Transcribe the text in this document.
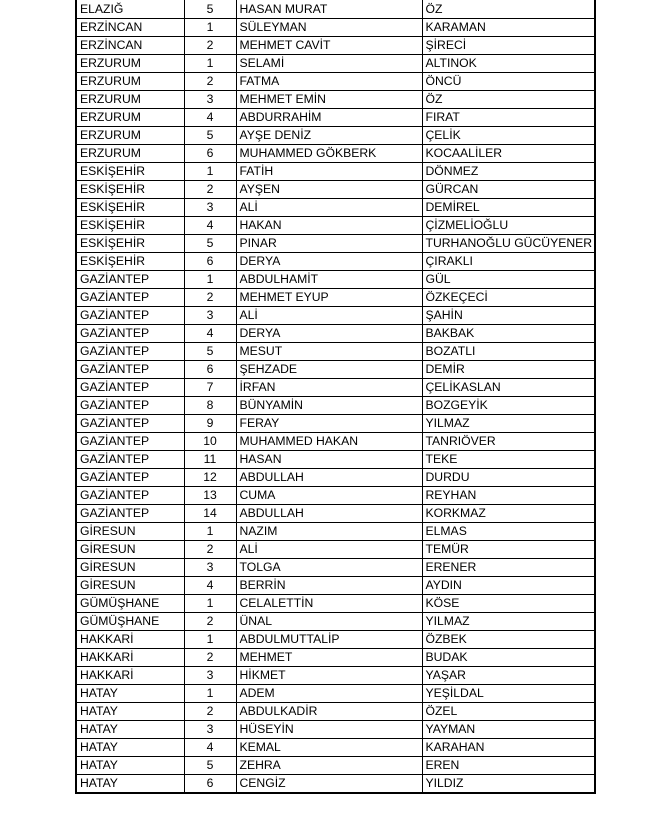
ELAZIĞ	5	HASAN MURAT	ÖZ
ERZİNCAN	1	SÜLEYMAN	KARAMAN
ERZİNCAN	2	MEHMET CAVİT	ŞİRECİ
ERZURUM	1	SELAMİ	ALTINOK
ERZURUM	2	FATMA	ÖNCÜ
ERZURUM	3	MEHMET EMİN	ÖZ
ERZURUM	4	ABDURRAHİM	FIRAT
ERZURUM	5	AYŞE DENİZ	ÇELİK
ERZURUM	6	MUHAMMED GÖKBERK	KOCAALİLER
ESKİŞEHİR	1	FATİH	DÖNMEZ
ESKİŞEHİR	2	AYŞEN	GÜRCAN
ESKİŞEHİR	3	ALİ	DEMİREL
ESKİŞEHİR	4	HAKAN	ÇİZMELİOĞLU
ESKİŞEHİR	5	PINAR	TURHANOĞLU GÜCÜYENER
ESKİŞEHİR	6	DERYA	ÇIRAKLI
GAZİANTEP	1	ABDULHAMİT	GÜL
GAZİANTEP	2	MEHMET EYUP	ÖZKEÇECİ
GAZİANTEP	3	ALİ	ŞAHİN
GAZİANTEP	4	DERYA	BAKBAK
GAZİANTEP	5	MESUT	BOZATLI
GAZİANTEP	6	ŞEHZADE	DEMİR
GAZİANTEP	7	İRFAN	ÇELİKASLAN
GAZİANTEP	8	BÜNYAMİN	BOZGEYİK
GAZİANTEP	9	FERAY	YILMAZ
GAZİANTEP	10	MUHAMMED HAKAN	TANRIÖVER
GAZİANTEP	11	HASAN	TEKE
GAZİANTEP	12	ABDULLAH	DURDU
GAZİANTEP	13	CUMA	REYHAN
GAZİANTEP	14	ABDULLAH	KORKMAZ
GİRESUN	1	NAZIM	ELMAS
GİRESUN	2	ALİ	TEMÜR
GİRESUN	3	TOLGA	ERENER
GİRESUN	4	BERRİN	AYDIN
GÜMÜŞHANE	1	CELALETTİN	KÖSE
GÜMÜŞHANE	2	ÜNAL	YILMAZ
HAKKARİ	1	ABDULMUTTALİP	ÖZBEK
HAKKARİ	2	MEHMET	BUDAK
HAKKARİ	3	HİKMET	YAŞAR
HATAY	1	ADEM	YEŞİLDAL
HATAY	2	ABDULKADİR	ÖZEL
HATAY	3	HÜSEYİN	YAYMAN
HATAY	4	KEMAL	KARAHAN
HATAY	5	ZEHRA	EREN
HATAY	6	CENGİZ	YILDIZ
